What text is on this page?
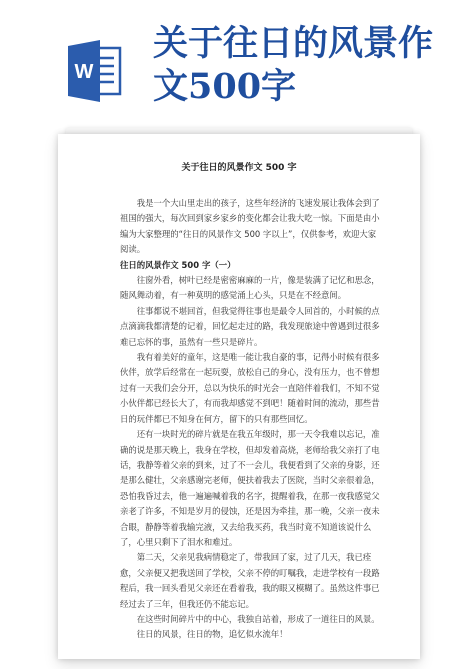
W
关于往日的风景作文500字
关于往日的风景作文 500 字

我是一个大山里走出的孩子，这些年经济的飞速发展让我体会到了祖国的强大，每次回到家乡家乡的变化都会让我大吃一惊。下面是由小编为大家整理的“往日的风景作文 500 字以上”，仅供参考，欢迎大家阅读。

往日的风景作文 500 字（一）

往窗外看，树叶已经是密密麻麻的一片，像是装满了记忆和思念，随风舞动着，有一种莫明的感觉涌上心头，只是在不经意间。

往事都说不堪回首，但我觉得往事也是最令人回首的，小时候的点点滴滴我都清楚的记着，回忆起走过的路，我发现旅途中曾遇到过很多难已忘怀的事，虽然有一些只是碎片。

我有着美好的童年，这是唯一能让我自豪的事，记得小时候有很多伙伴，放学后经常在一起玩耍，放松自己的身心，没有压力，也不曾想过有一天我们会分开，总以为快乐的时光会一直陪伴着我们，不知不觉小伙伴都已经长大了，有而我却感觉不到吧！随着时间的流动，那些昔日的玩伴都已不知身在何方，留下的只有那些回忆。

还有一块时光的碎片就是在我五年级时，那一天令我难以忘记，准确的说是那天晚上，我身在学校，但却发着高烧，老师给我父亲打了电话，我静等着父亲的到来，过了不一会儿，我便看到了父亲的身影，还是那么健壮，父亲感谢完老师，便扶着我去了医院，当时父亲很着急，恐怕我昏过去，他一遍遍喊着我的名字，提醒着我，在那一夜我感觉父亲老了许多，不知是岁月的侵蚀，还是因为牵挂，那一晚，父亲一夜未合眼，静静等着我输完液，又去给我买药，我当时竟不知道该说什么了，心里只剩下了泪水和难过。

第二天，父亲见我病情稳定了，带我回了家，过了几天，我已痊愈，父亲便又把我送回了学校，父亲不停的叮嘱我，走进学校有一段路程后，我一回头看见父亲还在看着我，我的眼又模糊了。虽然这件事已经过去了三年，但我还仍不能忘记。

在这些时间碎片中的中心，我独自站着，形成了一道往日的风景。

往日的风景，往日的物，追忆似水流年！
